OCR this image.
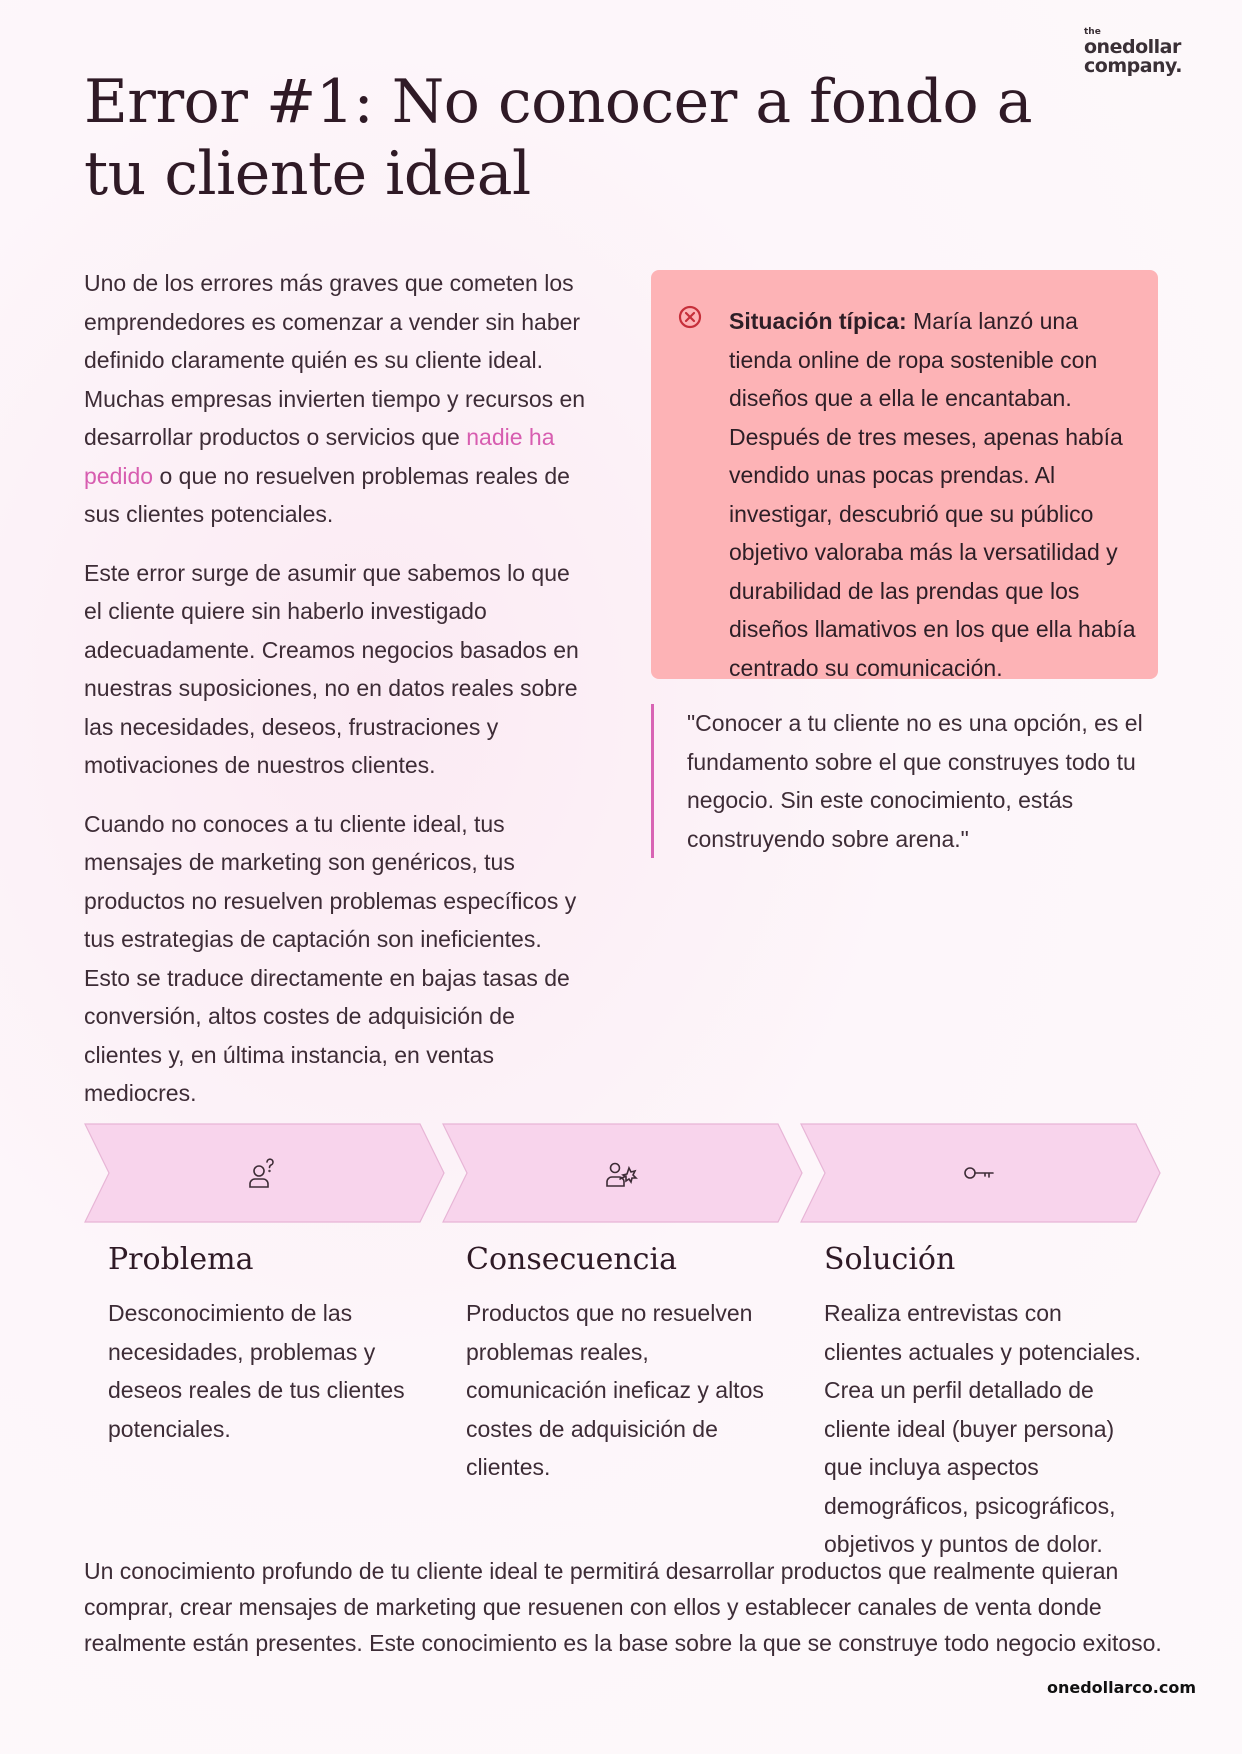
the
onedollar
company.
Error #1: No conocer a fondo a tu cliente ideal

Uno de los errores más graves que cometen los emprendedores es comenzar a vender sin haber definido claramente quién es su cliente ideal. Muchas empresas invierten tiempo y recursos en desarrollar productos o servicios que nadie ha pedido o que no resuelven problemas reales de sus clientes potenciales.

Este error surge de asumir que sabemos lo que el cliente quiere sin haberlo investigado adecuadamente. Creamos negocios basados en nuestras suposiciones, no en datos reales sobre las necesidades, deseos, frustraciones y motivaciones de nuestros clientes.

Cuando no conoces a tu cliente ideal, tus mensajes de marketing son genéricos, tus productos no resuelven problemas específicos y tus estrategias de captación son ineficientes. Esto se traduce directamente en bajas tasas de conversión, altos costes de adquisición de clientes y, en última instancia, en ventas mediocres.

Situación típica: María lanzó una tienda online de ropa sostenible con diseños que a ella le encantaban. Después de tres meses, apenas había vendido unas pocas prendas. Al investigar, descubrió que su público objetivo valoraba más la versatilidad y durabilidad de las prendas que los diseños llamativos en los que ella había centrado su comunicación.
"Conocer a tu cliente no es una opción, es el fundamento sobre el que construyes todo tu negocio. Sin este conocimiento, estás construyendo sobre arena."
Problema

Desconocimiento de las necesidades, problemas y deseos reales de tus clientes potenciales.

Consecuencia

Productos que no resuelven problemas reales, comunicación ineficaz y altos costes de adquisición de clientes.

Solución

Realiza entrevistas con clientes actuales y potenciales. Crea un perfil detallado de cliente ideal (buyer persona) que incluya aspectos demográficos, psicográficos, objetivos y puntos de dolor.

Un conocimiento profundo de tu cliente ideal te permitirá desarrollar productos que realmente quieran comprar, crear mensajes de marketing que resuenen con ellos y establecer canales de venta donde realmente están presentes. Este conocimiento es la base sobre la que se construye todo negocio exitoso.

onedollarco.com
